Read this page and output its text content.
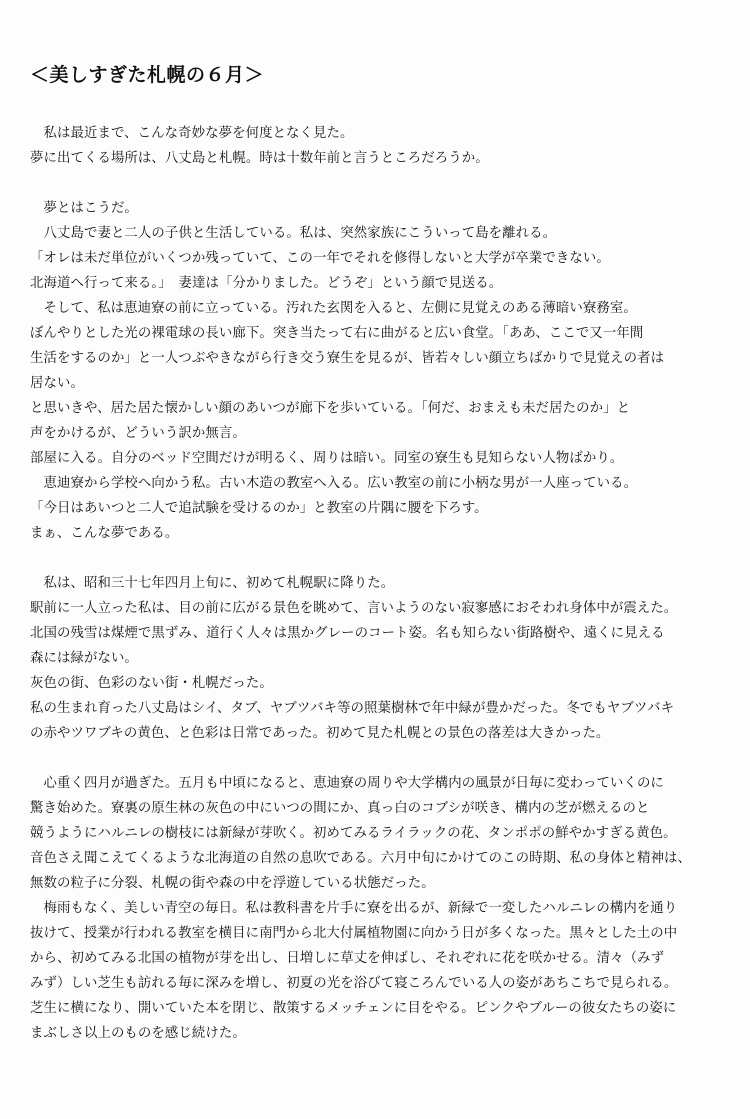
＜美しすぎた札幌の６月＞
　私は最近まで、こんな奇妙な夢を何度となく見た。
夢に出てくる場所は、八丈島と札幌。時は十数年前と言うところだろうか。
　夢とはこうだ。
　八丈島で妻と二人の子供と生活している。私は、突然家族にこういって島を離れる。
「オレは未だ単位がいくつか残っていて、この一年でそれを修得しないと大学が卒業できない。
北海道へ行って来る。」　妻達は「分かりました。どうぞ」という顔で見送る。
　そして、私は恵迪寮の前に立っている。汚れた玄関を入ると、左側に見覚えのある薄暗い寮務室。
ぼんやりとした光の裸電球の長い廊下。突き当たって右に曲がると広い食堂。「ああ、ここで又一年間
生活をするのか」と一人つぶやきながら行き交う寮生を見るが、皆若々しい顔立ちばかりで見覚えの者は
居ない。
と思いきや、居た居た懐かしい顔のあいつが廊下を歩いている。「何だ、おまえも未だ居たのか」と
声をかけるが、どういう訳か無言。
部屋に入る。自分のベッド空間だけが明るく、周りは暗い。同室の寮生も見知らない人物ばかり。
　恵迪寮から学校へ向かう私。古い木造の教室へ入る。広い教室の前に小柄な男が一人座っている。
「今日はあいつと二人で追試験を受けるのか」と教室の片隅に腰を下ろす。
まぁ、こんな夢である。
　私は、昭和三十七年四月上旬に、初めて札幌駅に降りた。
駅前に一人立った私は、目の前に広がる景色を眺めて、言いようのない寂寥感におそわれ身体中が震えた。
北国の残雪は煤煙で黒ずみ、道行く人々は黒かグレーのコート姿。名も知らない街路樹や、遠くに見える
森には緑がない。
灰色の街、色彩のない街・札幌だった。
私の生まれ育った八丈島はシイ、タブ、ヤブツバキ等の照葉樹林で年中緑が豊かだった。冬でもヤブツバキ
の赤やツワブキの黄色、と色彩は日常であった。初めて見た札幌との景色の落差は大きかった。
　心重く四月が過ぎた。五月も中頃になると、恵迪寮の周りや大学構内の風景が日毎に変わっていくのに
驚き始めた。寮裏の原生林の灰色の中にいつの間にか、真っ白のコブシが咲き、構内の芝が燃えるのと
競うようにハルニレの樹枝には新緑が芽吹く。初めてみるライラックの花、タンポポの鮮やかすぎる黄色。
音色さえ聞こえてくるような北海道の自然の息吹である。六月中旬にかけてのこの時期、私の身体と精神は、
無数の粒子に分裂、札幌の街や森の中を浮遊している状態だった。
　梅雨もなく、美しい青空の毎日。私は教科書を片手に寮を出るが、新緑で一変したハルニレの構内を通り
抜けて、授業が行われる教室を横目に南門から北大付属植物園に向かう日が多くなった。黒々とした土の中
から、初めてみる北国の植物が芽を出し、日増しに草丈を伸ばし、それぞれに花を咲かせる。清々（みず
みず）しい芝生も訪れる毎に深みを増し、初夏の光を浴びて寝ころんでいる人の姿があちこちで見られる。
芝生に横になり、開いていた本を閉じ、散策するメッチェンに目をやる。ピンクやブルーの彼女たちの姿に
まぶしさ以上のものを感じ続けた。
